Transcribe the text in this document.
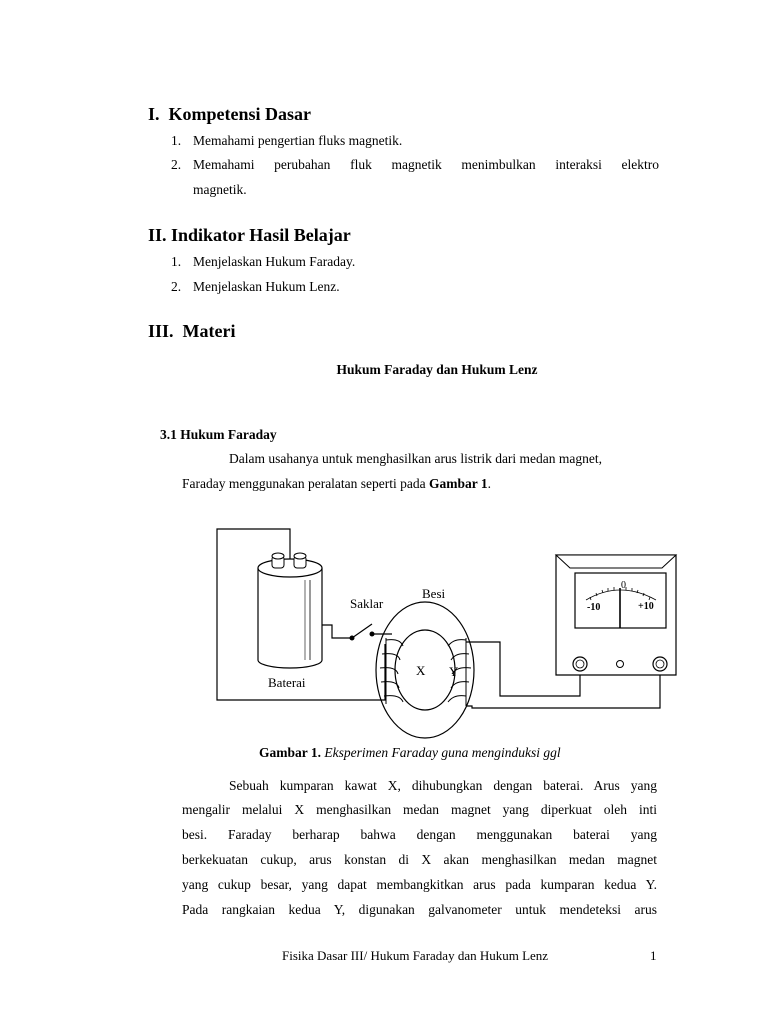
I. Kompetensi Dasar
1. Memahami pengertian fluks magnetik.
2. Memahami perubahan fluk magnetik menimbulkan interaksi elektro
magnetik.
II. Indikator Hasil Belajar
1. Menjelaskan Hukum Faraday.
2. Menjelaskan Hukum Lenz.
III. Materi
Hukum Faraday dan Hukum Lenz
3.1 Hukum Faraday
Dalam usahanya untuk menghasilkan arus listrik dari medan magnet,
Faraday menggunakan peralatan seperti pada Gambar 1.
Saklar
Besi
Baterai
X Y
0
-10	+10
Gambar 1. Eksperimen Faraday guna menginduksi ggl
Sebuah kumparan kawat X, dihubungkan dengan baterai. Arus yang
mengalir melalui X menghasilkan medan magnet yang diperkuat oleh inti
besi. Faraday berharap bahwa dengan menggunakan baterai yang
berkekuatan cukup, arus konstan di X akan menghasilkan medan magnet
yang cukup besar, yang dapat membangkitkan arus pada kumparan kedua Y.
Pada rangkaian kedua Y, digunakan galvanometer untuk mendeteksi arus
Fisika Dasar III/ Hukum Faraday dan Hukum Lenz	1
